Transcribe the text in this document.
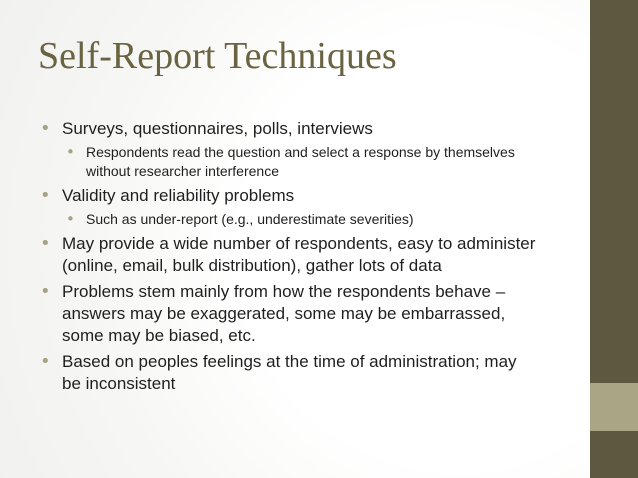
Self-Report Techniques
• Surveys, questionnaires, polls, interviews
• Respondents read the question and select a response by themselves without researcher interference
• Validity and reliability problems
• Such as under-report (e.g., underestimate severities)
• May provide a wide number of respondents, easy to administer (online, email, bulk distribution), gather lots of data
• Problems stem mainly from how the respondents behave – answers may be exaggerated, some may be embarrassed, some may be biased, etc.
• Based on peoples feelings at the time of administration; may be inconsistent
